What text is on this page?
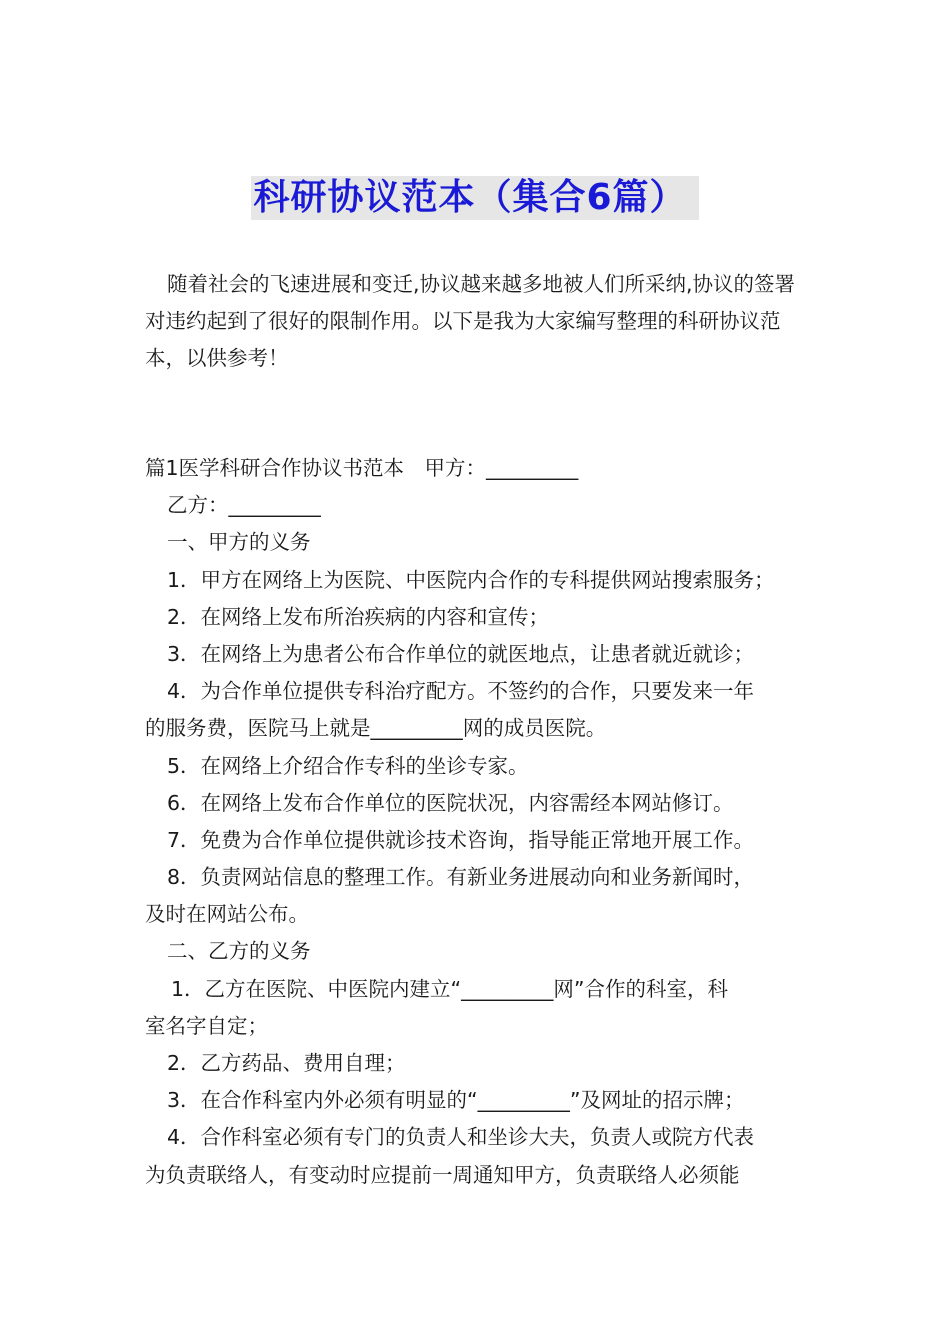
科研协议范本（集合6篇）

随着社会的飞速进展和变迁,协议越来越多地被人们所采纳,协议的签署对违约起到了很好的限制作用。以下是我为大家编写整理的科研协议范本，以供参考！

篇1医学科研合作协议书范本　甲方：_________
乙方：_________
一、甲方的义务
1．甲方在网络上为医院、中医院内合作的专科提供网站搜索服务；
2．在网络上发布所治疾病的内容和宣传；
3．在网络上为患者公布合作单位的就医地点，让患者就近就诊；
4．为合作单位提供专科治疗配方。不签约的合作，只要发来一年
的服务费，医院马上就是_________网的成员医院。
5．在网络上介绍合作专科的坐诊专家。
6．在网络上发布合作单位的医院状况，内容需经本网站修订。
7．免费为合作单位提供就诊技术咨询，指导能正常地开展工作。
8．负责网站信息的整理工作。有新业务进展动向和业务新闻时，
及时在网站公布。
二、乙方的义务
1．乙方在医院、中医院内建立“_________网”合作的科室，科
室名字自定；
2．乙方药品、费用自理；
3．在合作科室内外必须有明显的“_________”及网址的招示牌；
4．合作科室必须有专门的负责人和坐诊大夫，负责人或院方代表
为负责联络人，有变动时应提前一周通知甲方，负责联络人必须能
